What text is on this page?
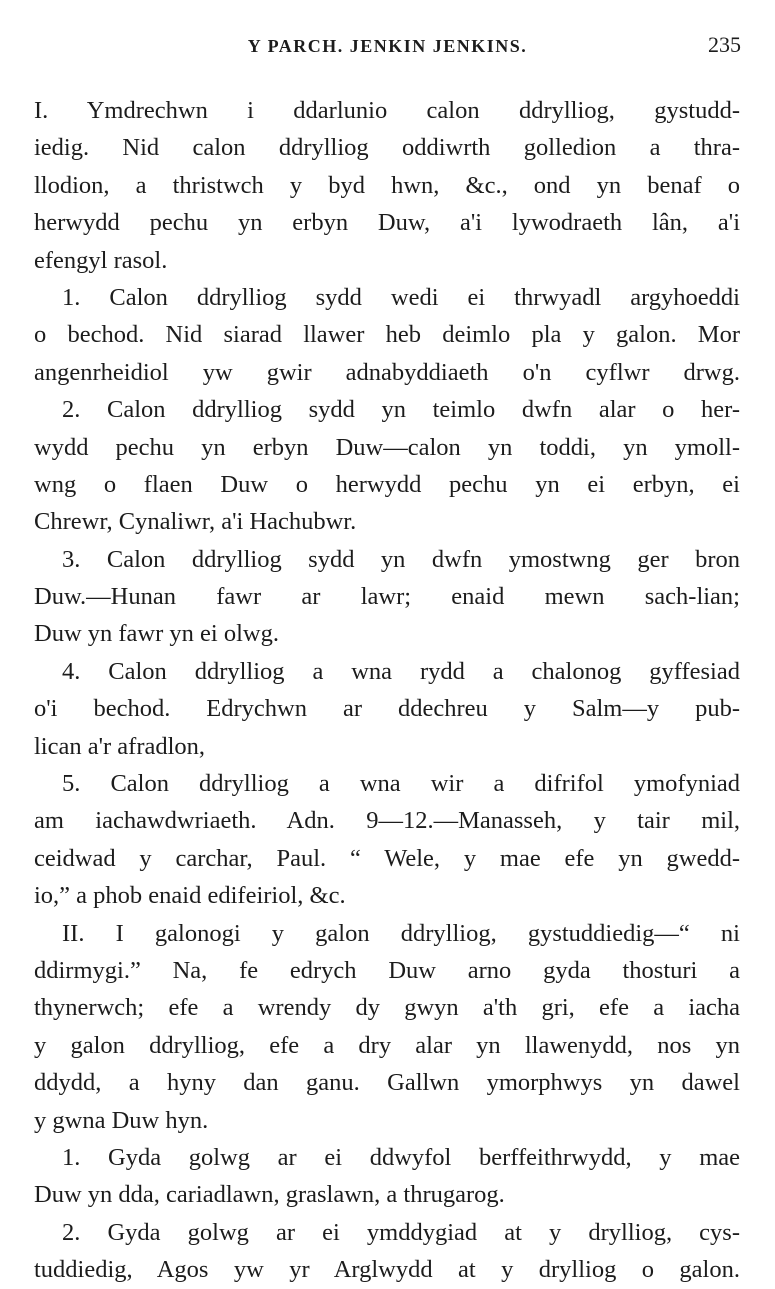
Y PARCH. JENKIN JENKINS.	235
I. Ymdrechwn i ddarlunio calon ddrylliog, gystudd-
iedig. Nid calon ddrylliog oddiwrth golledion a thra-
llodion, a thristwch y byd hwn, &c., ond yn benaf o
herwydd pechu yn erbyn Duw, a'i lywodraeth lân, a'i
efengyl rasol.
1. Calon ddrylliog sydd wedi ei thrwyadl argyhoeddi
o bechod. Nid siarad llawer heb deimlo pla y galon. Mor
angenrheidiol yw gwir adnabyddiaeth o'n cyflwr drwg.
2. Calon ddrylliog sydd yn teimlo dwfn alar o her-
wydd pechu yn erbyn Duw—calon yn toddi, yn ymoll-
wng o flaen Duw o herwydd pechu yn ei erbyn, ei
Chrewr, Cynaliwr, a'i Hachubwr.
3. Calon ddrylliog sydd yn dwfn ymostwng ger bron
Duw.—Hunan fawr ar lawr; enaid mewn sach-lian;
Duw yn fawr yn ei olwg.
4. Calon ddrylliog a wna rydd a chalonog gyffesiad
o'i bechod. Edrychwn ar ddechreu y Salm—y pub-
lican a'r afradlon,
5. Calon ddrylliog a wna wir a difrifol ymofyniad
am iachawdwriaeth. Adn. 9—12.—Manasseh, y tair mil,
ceidwad y carchar, Paul. “ Wele, y mae efe yn gwedd-
io,” a phob enaid edifeiriol, &c.
II. I galonogi y galon ddrylliog, gystuddiedig—“ ni
ddirmygi.” Na, fe edrych Duw arno gyda thosturi a
thynerwch; efe a wrendy dy gwyn a'th gri, efe a iacha
y galon ddrylliog, efe a dry alar yn llawenydd, nos yn
ddydd, a hyny dan ganu. Gallwn ymorphwys yn dawel
y gwna Duw hyn.
1. Gyda golwg ar ei ddwyfol berffeithrwydd, y mae
Duw yn dda, cariadlawn, graslawn, a thrugarog.
2. Gyda golwg ar ei ymddygiad at y drylliog, cys-
tuddiedig, Agos yw yr Arglwydd at y drylliog o galon.
